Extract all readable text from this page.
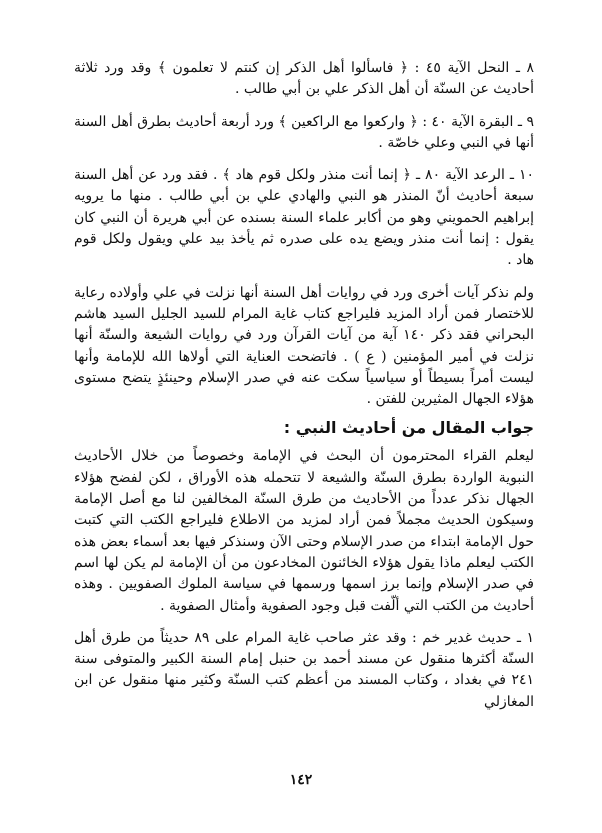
٨ ـ النحل الآية ٤٥ : ﴿ فاسألوا أهل الذكر إن كنتم لا تعلمون ﴾ وقد ورد ثلاثة أحاديث عن السنّة أن أهل الذكر علي بن أبي طالب .

٩ ـ البقرة الآية ٤٠ : ﴿ واركعوا مع الراكعين ﴾ ورد أربعة أحاديث بطرق أهل السنة أنها في النبي وعلي خاصّة .

١٠ ـ الرعد الآية ٨٠ ـ ﴿ إنما أنت منذر ولكل قوم هاد ﴾ . فقد ورد عن أهل السنة سبعة أحاديث أنّ المنذر هو النبي والهادي علي بن أبي طالب . منها ما يرويه إبراهيم الحمويني وهو من أكابر علماء السنة بسنده عن أبي هريرة أن النبي كان يقول : إنما أنت منذر ويضع يده على صدره ثم يأخذ بيد علي ويقول ولكل قوم هاد .

ولم نذكر آيات أخرى ورد في روايات أهل السنة أنها نزلت في علي وأولاده رعاية للاختصار فمن أراد المزيد فليراجع كتاب غاية المرام للسيد الجليل السيد هاشم البحراني فقد ذكر ١٤٠ آية من آيات القرآن ورد في روايات الشيعة والسنّة أنها نزلت في أمير المؤمنين ( ع ) . فاتضحت العناية التي أولاها الله للإمامة وأنها ليست أمراً بسيطاً أو سياسياً سكت عنه في صدر الإسلام وحينئذٍ يتضح مستوى هؤلاء الجهال المثيرين للفتن .

جواب المقال من أحاديث النبي :

ليعلم القراء المحترمون أن البحث في الإمامة وخصوصاً من خلال الأحاديث النبوية الواردة بطرق السنّة والشيعة لا تتحمله هذه الأوراق ، لكن لفضح هؤلاء الجهال نذكر عدداً من الأحاديث من طرق السنّة المخالفين لنا مع أصل الإمامة وسيكون الحديث مجملاً فمن أراد لمزيد من الاطلاع فليراجع الكتب التي كتبت حول الإمامة ابتداء من صدر الإسلام وحتى الآن وسنذكر فيها بعد أسماء بعض هذه الكتب ليعلم ماذا يقول هؤلاء الخائنون المخادعون من أن الإمامة لم يكن لها اسم في صدر الإسلام وإنما برز اسمها ورسمها في سياسة الملوك الصفويين . وهذه أحاديث من الكتب التي ألّفت قبل وجود الصفوية وأمثال الصفوية .

١ ـ حديث غدير خم : وقد عثر صاحب غاية المرام على ٨٩ حديثاً من طرق أهل السنّة أكثرها منقول عن مسند أحمد بن حنبل إمام السنة الكبير والمتوفى سنة ٢٤١ في بغداد ، وكتاب المسند من أعظم كتب السنّة وكثير منها منقول عن ابن المغازلي

١٤٢
